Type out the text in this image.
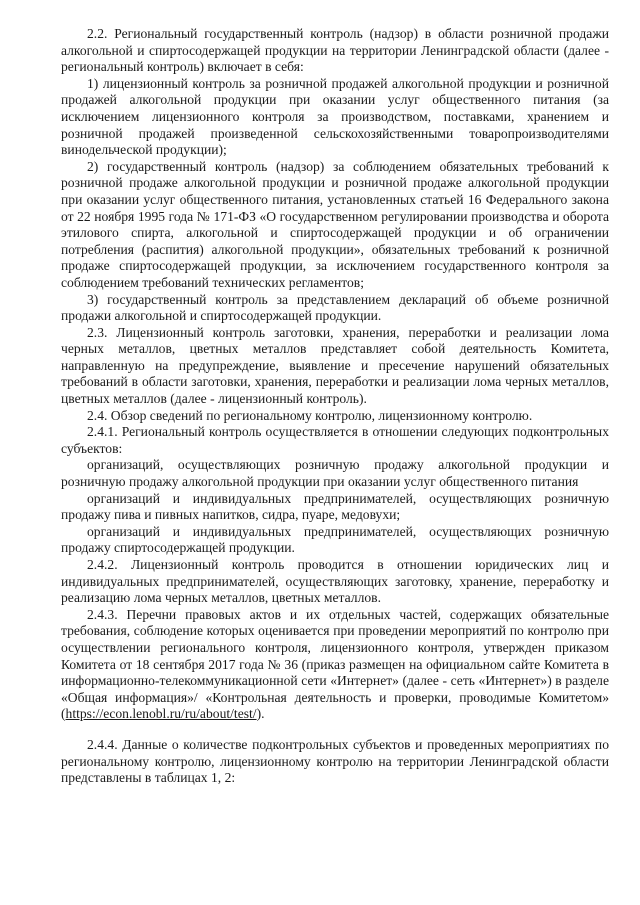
2.2. Региональный государственный контроль (надзор) в области розничной продажи алкогольной и спиртосодержащей продукции на территории Ленинградской области (далее - региональный контроль) включает в себя:

1) лицензионный контроль за розничной продажей алкогольной продукции и розничной продажей алкогольной продукции при оказании услуг общественного питания (за исключением лицензионного контроля за производством, поставками, хранением и розничной продажей произведенной сельскохозяйственными товаропроизводителями винодельческой продукции);

2) государственный контроль (надзор) за соблюдением обязательных требований к розничной продаже алкогольной продукции и розничной продаже алкогольной продукции при оказании услуг общественного питания, установленных статьей 16 Федерального закона от 22 ноября 1995 года № 171-ФЗ «О государственном регулировании производства и оборота этилового спирта, алкогольной и спиртосодержащей продукции и об ограничении потребления (распития) алкогольной продукции», обязательных требований к розничной продаже спиртосодержащей продукции, за исключением государственного контроля за соблюдением требований технических регламентов;

3) государственный контроль за представлением деклараций об объеме розничной продажи алкогольной и спиртосодержащей продукции.

2.3. Лицензионный контроль заготовки, хранения, переработки и реализации лома черных металлов, цветных металлов представляет собой деятельность Комитета, направленную на предупреждение, выявление и пресечение нарушений обязательных требований в области заготовки, хранения, переработки и реализации лома черных металлов, цветных металлов (далее - лицензионный контроль).

2.4. Обзор сведений по региональному контролю, лицензионному контролю.

2.4.1. Региональный контроль осуществляется в отношении следующих подконтрольных субъектов:

организаций, осуществляющих розничную продажу алкогольной продукции и розничную продажу алкогольной продукции при оказании услуг общественного питания

организаций и индивидуальных предпринимателей, осуществляющих розничную продажу пива и пивных напитков, сидра, пуаре, медовухи;

организаций и индивидуальных предпринимателей, осуществляющих розничную продажу спиртосодержащей продукции.

2.4.2. Лицензионный контроль проводится в отношении юридических лиц и индивидуальных предпринимателей, осуществляющих заготовку, хранение, переработку и реализацию лома черных металлов, цветных металлов.

2.4.3. Перечни правовых актов и их отдельных частей, содержащих обязательные требования, соблюдение которых оценивается при проведении мероприятий по контролю при осуществлении регионального контроля, лицензионного контроля, утвержден приказом Комитета от 18 сентября 2017 года № 36 (приказ размещен на официальном сайте Комитета в информационно-телекоммуникационной сети «Интернет» (далее - сеть «Интернет») в разделе «Общая информация»/ «Контрольная деятельность и проверки, проводимые Комитетом» (https://econ.lenobl.ru/ru/about/test/).

2.4.4. Данные о количестве подконтрольных субъектов и проведенных мероприятиях по региональному контролю, лицензионному контролю на территории Ленинградской области представлены в таблицах 1, 2:
